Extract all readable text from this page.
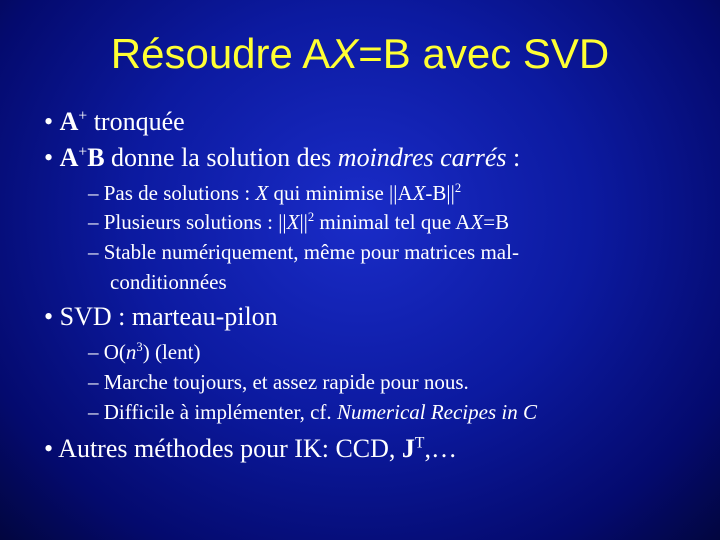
Résoudre AX=B avec SVD
• A+ tronquée
• A+B donne la solution des moindres carrés :
– Pas de solutions : X qui minimise $||AX-B||^2$
– Plusieurs solutions : $||X||^2$ minimal tel que AX=B
– Stable numériquement, même pour matrices mal-
conditionnées
• SVD : marteau-pilon
– $O(n^3)$ (lent)
– Marche toujours, et assez rapide pour nous.
– Difficile à implémenter, cf. Numerical Recipes in C
• Autres méthodes pour IK: CCD, $J^T,\dots$
